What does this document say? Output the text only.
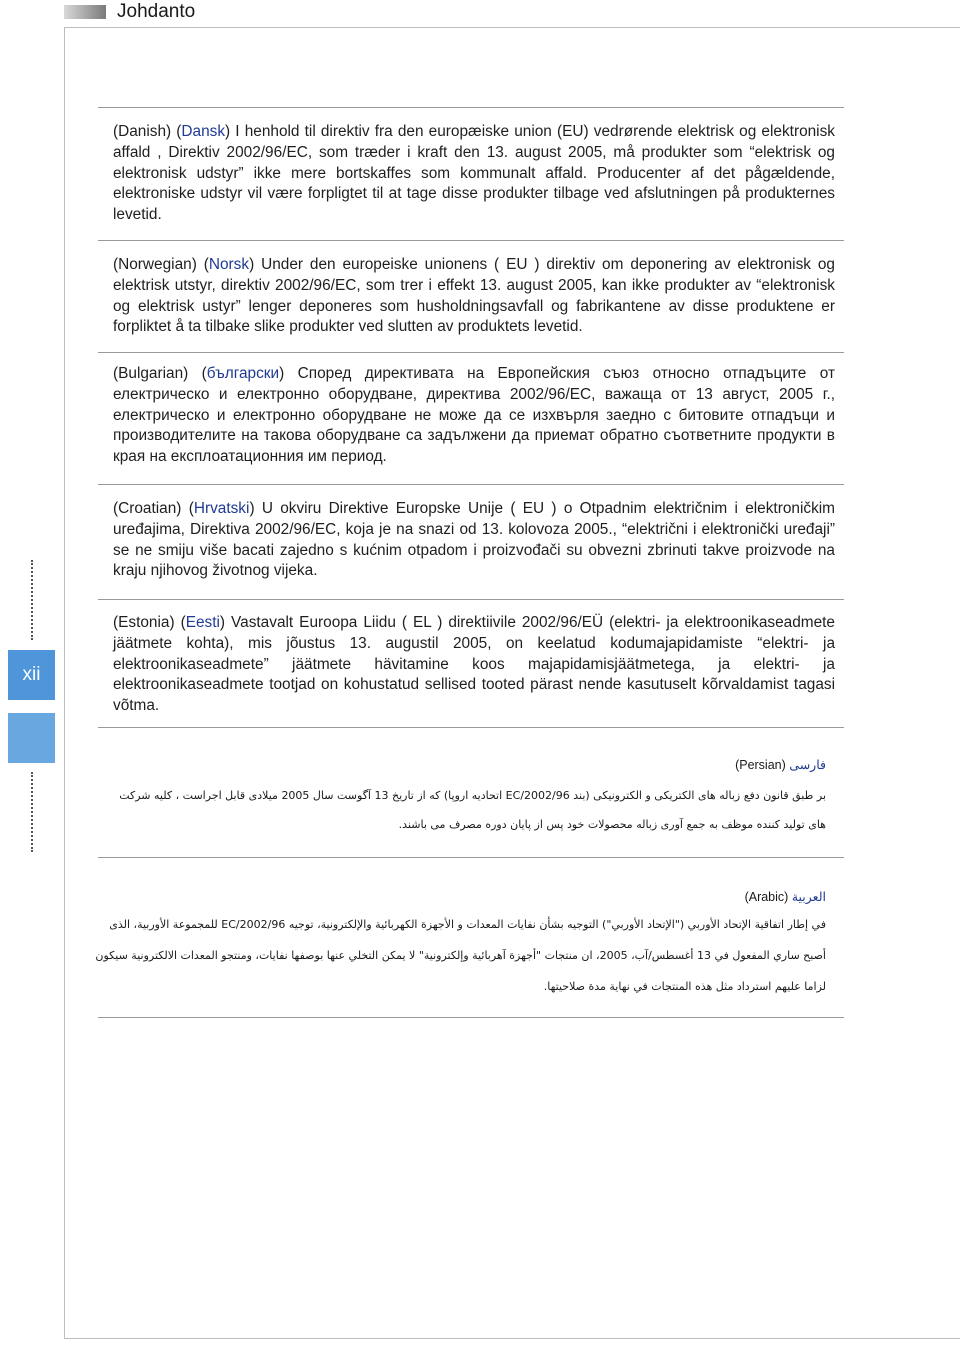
Johdanto
xii

(Danish) (Dansk) I henhold til direktiv fra den europæiske union (EU) vedrørende elektrisk og elektronisk affald , Direktiv 2002/96/EC, som træder i kraft den 13. august 2005, må produkter som “elektrisk og elektronisk udstyr” ikke mere bortskaffes som kommunalt affald. Producenter af det pågældende, elektroniske udstyr vil være forpligtet til at tage disse produkter tilbage ved afslutningen på produkternes levetid.

(Norwegian) (Norsk) Under den europeiske unionens ( EU ) direktiv om deponering av elektronisk og elektrisk utstyr, direktiv 2002/96/EC, som trer i effekt 13. august 2005, kan ikke produkter av “elektronisk og elektrisk ustyr” lenger deponeres som husholdningsavfall og fabrikantene av disse produktene er forpliktet å ta tilbake slike produkter ved slutten av produktets levetid.

(Bulgarian) (български) Според директивата на Европейския съюз относно отпадъците от електрическо и електронно оборудване, директива 2002/96/EC, важаща от 13 август, 2005 г., електрическо и електронно оборудване не може да се изхвърля заедно с битовите отпадъци и производителите на такова оборудване са задължени да приемат обратно съответните продукти в края на експлоатационния им период.

(Croatian) (Hrvatski) U okviru Direktive Europske Unije ( EU ) o Otpadnim električnim i elektroničkim uređajima, Direktiva 2002/96/EC, koja je na snazi od 13. kolovoza 2005., “električni i elektronički uređaji” se ne smiju više bacati zajedno s kućnim otpadom i proizvođači su obvezni zbrinuti takve proizvode na kraju njihovog životnog vijeka.

(Estonia) (Eesti) Vastavalt Euroopa Liidu ( EL ) direktiivile 2002/96/EÜ (elektri- ja elektroonikaseadmete jäätmete kohta), mis jõustus 13. augustil 2005, on keelatud kodumajapidamiste “elektri- ja elektroonikaseadmete” jäätmete hävitamine koos majapidamisjäätmetega, ja elektri- ja elektroonikaseadmete tootjad on kohustatud sellised tooted pärast nende kasutuselt kõrvaldamist tagasi võtma.

فارسی (Persian)

بر طبق قانون دفع زباله های الکتریکی و الکترونیکی (بند 2002/96/EC اتحادیه اروپا) که از تاریخ 13 آگوست سال 2005 میلادی قابل اجراست ، کلیه شرکت

های تولید کننده موظف به جمع آوری زباله محصولات خود پس از پایان دوره مصرف می باشند.

العربية (Arabic)

في إطار اتفاقية الإتحاد الأوربي ("الإتحاد الأوربي") التوجيه بشأن نفايات المعدات و الأجهزة الكهربائية والإلكترونية، توجيه 2002/96/EC للمجموعة الأوربية، الذى

أصبح ساري المفعول في 13 أغسطس/آب، 2005، ان منتجات "أجهزة آهربائية وإلكترونية" لا يمكن التخلي عنها بوصفها نفايات، ومنتجو المعدات الالكترونية سيكون

لزاما عليهم استرداد مثل هذه المنتجات في نهاية مدة صلاحيتها.
